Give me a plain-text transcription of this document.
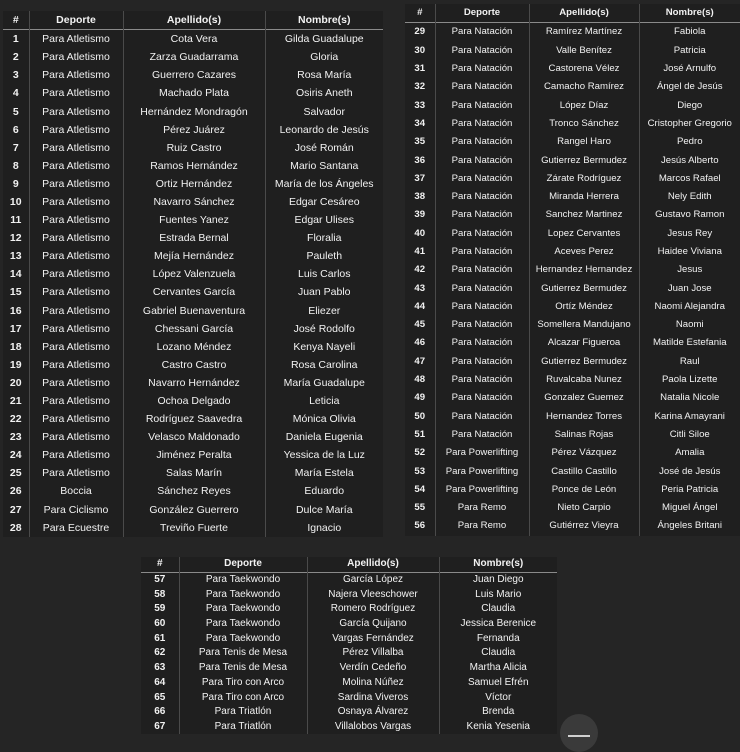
#	Deporte	Apellido(s)	Nombre(s)
1	Para Atletismo	Cota Vera	Gilda Guadalupe
2	Para Atletismo	Zarza Guadarrama	Gloria
3	Para Atletismo	Guerrero Cazares	Rosa María
4	Para Atletismo	Machado Plata	Osiris Aneth
5	Para Atletismo	Hernández Mondragón	Salvador
6	Para Atletismo	Pérez Juárez	Leonardo de Jesús
7	Para Atletismo	Ruiz Castro	José Román
8	Para Atletismo	Ramos Hernández	Mario Santana
9	Para Atletismo	Ortiz Hernández	María de los Ángeles
10	Para Atletismo	Navarro Sánchez	Edgar Cesáreo
11	Para Atletismo	Fuentes Yanez	Edgar Ulises
12	Para Atletismo	Estrada Bernal	Floralia
13	Para Atletismo	Mejía Hernández	Pauleth
14	Para Atletismo	López Valenzuela	Luis Carlos
15	Para Atletismo	Cervantes García	Juan Pablo
16	Para Atletismo	Gabriel Buenaventura	Eliezer
17	Para Atletismo	Chessani García	José Rodolfo
18	Para Atletismo	Lozano Méndez	Kenya Nayeli
19	Para Atletismo	Castro Castro	Rosa Carolina
20	Para Atletismo	Navarro Hernández	María Guadalupe
21	Para Atletismo	Ochoa Delgado	Leticia
22	Para Atletismo	Rodríguez Saavedra	Mónica Olivia
23	Para Atletismo	Velasco Maldonado	Daniela Eugenia
24	Para Atletismo	Jiménez Peralta	Yessica de la Luz
25	Para Atletismo	Salas Marín	María Estela
26	Boccia	Sánchez Reyes	Eduardo
27	Para Ciclismo	González Guerrero	Dulce María
28	Para Ecuestre	Treviño Fuerte	Ignacio
#	Deporte	Apellido(s)	Nombre(s)
29	Para Natación	Ramírez Martínez	Fabiola
30	Para Natación	Valle Benítez	Patricia
31	Para Natación	Castorena Vélez	José Arnulfo
32	Para Natación	Camacho Ramírez	Ángel de Jesús
33	Para Natación	López Díaz	Diego
34	Para Natación	Tronco Sánchez	Cristopher Gregorio
35	Para Natación	Rangel Haro	Pedro
36	Para Natación	Gutierrez Bermudez	Jesús Alberto
37	Para Natación	Zárate Rodríguez	Marcos Rafael
38	Para Natación	Miranda Herrera	Nely Edith
39	Para Natación	Sanchez Martinez	Gustavo Ramon
40	Para Natación	Lopez Cervantes	Jesus Rey
41	Para Natación	Aceves Perez	Haidee Viviana
42	Para Natación	Hernandez Hernandez	Jesus
43	Para Natación	Gutierrez Bermudez	Juan Jose
44	Para Natación	Ortíz Méndez	Naomi Alejandra
45	Para Natación	Somellera Mandujano	Naomi
46	Para Natación	Alcazar Figueroa	Matilde Estefania
47	Para Natación	Gutierrez Bermudez	Raul
48	Para Natación	Ruvalcaba Nunez	Paola Lizette
49	Para Natación	Gonzalez Guemez	Natalia Nicole
50	Para Natación	Hernandez Torres	Karina Amayrani
51	Para Natación	Salinas Rojas	Citli Siloe
52	Para Powerlifting	Pérez Vázquez	Amalia
53	Para Powerlifting	Castillo Castillo	José de Jesús
54	Para Powerlifting	Ponce de León	Peria Patricia
55	Para Remo	Nieto Carpio	Miguel Ángel
56	Para Remo	Gutiérrez Vieyra	Ángeles Britani
#	Deporte	Apellido(s)	Nombre(s)
57	Para Taekwondo	García López	Juan Diego
58	Para Taekwondo	Najera Vleeschower	Luis Mario
59	Para Taekwondo	Romero Rodríguez	Claudia
60	Para Taekwondo	García Quijano	Jessica Berenice
61	Para Taekwondo	Vargas Fernández	Fernanda
62	Para Tenis de Mesa	Pérez Villalba	Claudia
63	Para Tenis de Mesa	Verdín Cedeño	Martha Alicia
64	Para Tiro con Arco	Molina Núñez	Samuel Efrén
65	Para Tiro con Arco	Sardina Viveros	Víctor
66	Para Triatlón	Osnaya Álvarez	Brenda
67	Para Triatlón	Villalobos Vargas	Kenia Yesenia
